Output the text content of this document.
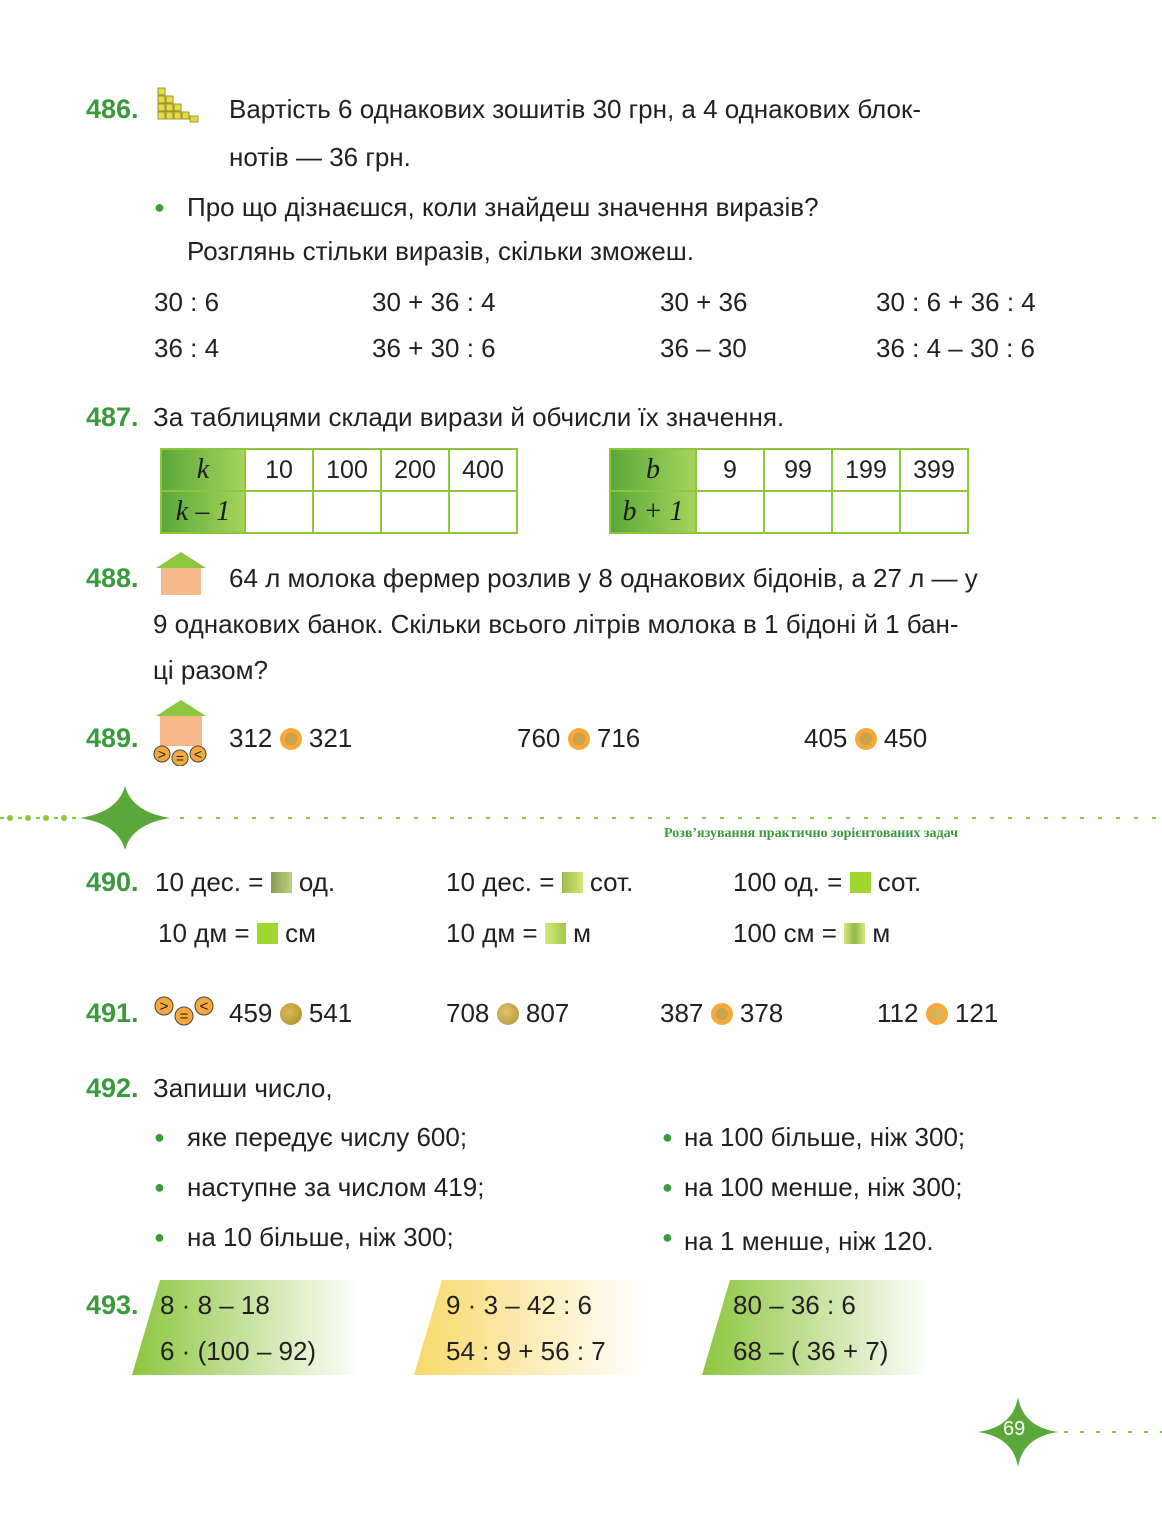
486.	Вартість 6 однакових зошитів 30 грн, а 4 однакових блок-
нотів — 36 грн.
● Про що дізнаєшся, коли знайдеш значення виразів?
Розглянь стільки виразів, скільки зможеш.
30 : 6	30 + 36 : 4	30 + 36	30 : 6 + 36 : 4
36 : 4	36 + 30 : 6	36 – 30	36 : 4 – 30 : 6
487. За таблицями склади вирази й обчисли їх значення.
k	10	100	200	400
k – 1				
b	9	99	199	399
b + 1				
488.	64 л молока фермер розлив у 8 однакових бідонів, а 27 л — у
9 однакових банок. Скільки всього літрів молока в 1 бідоні й 1 бан-
ці разом?
489.
> = <
312 321	760 716	405 450
Розв’язування практично зорієнтованих задач
490. 10 дес. = од.	10 дес. = сот.	100 од. = сот.
10 дм = см	10 дм = м	100 см = м
491. >
=
< 459 541	708 807	387 378	112 121
492. Запиши число,
● яке передує числу 600;
● наступне за числом 419;
● на 10 більше, ніж 300;
● на 100 більше, ніж 300;
● на 100 менше, ніж 300;
● на 1 менше, ніж 120.
493. 8 · 8 – 18
6 · (100 – 92)
9 · 3 – 42 : 6
54 : 9 + 56 : 7
80 – 36 : 6
68 – ( 36 + 7)
69
